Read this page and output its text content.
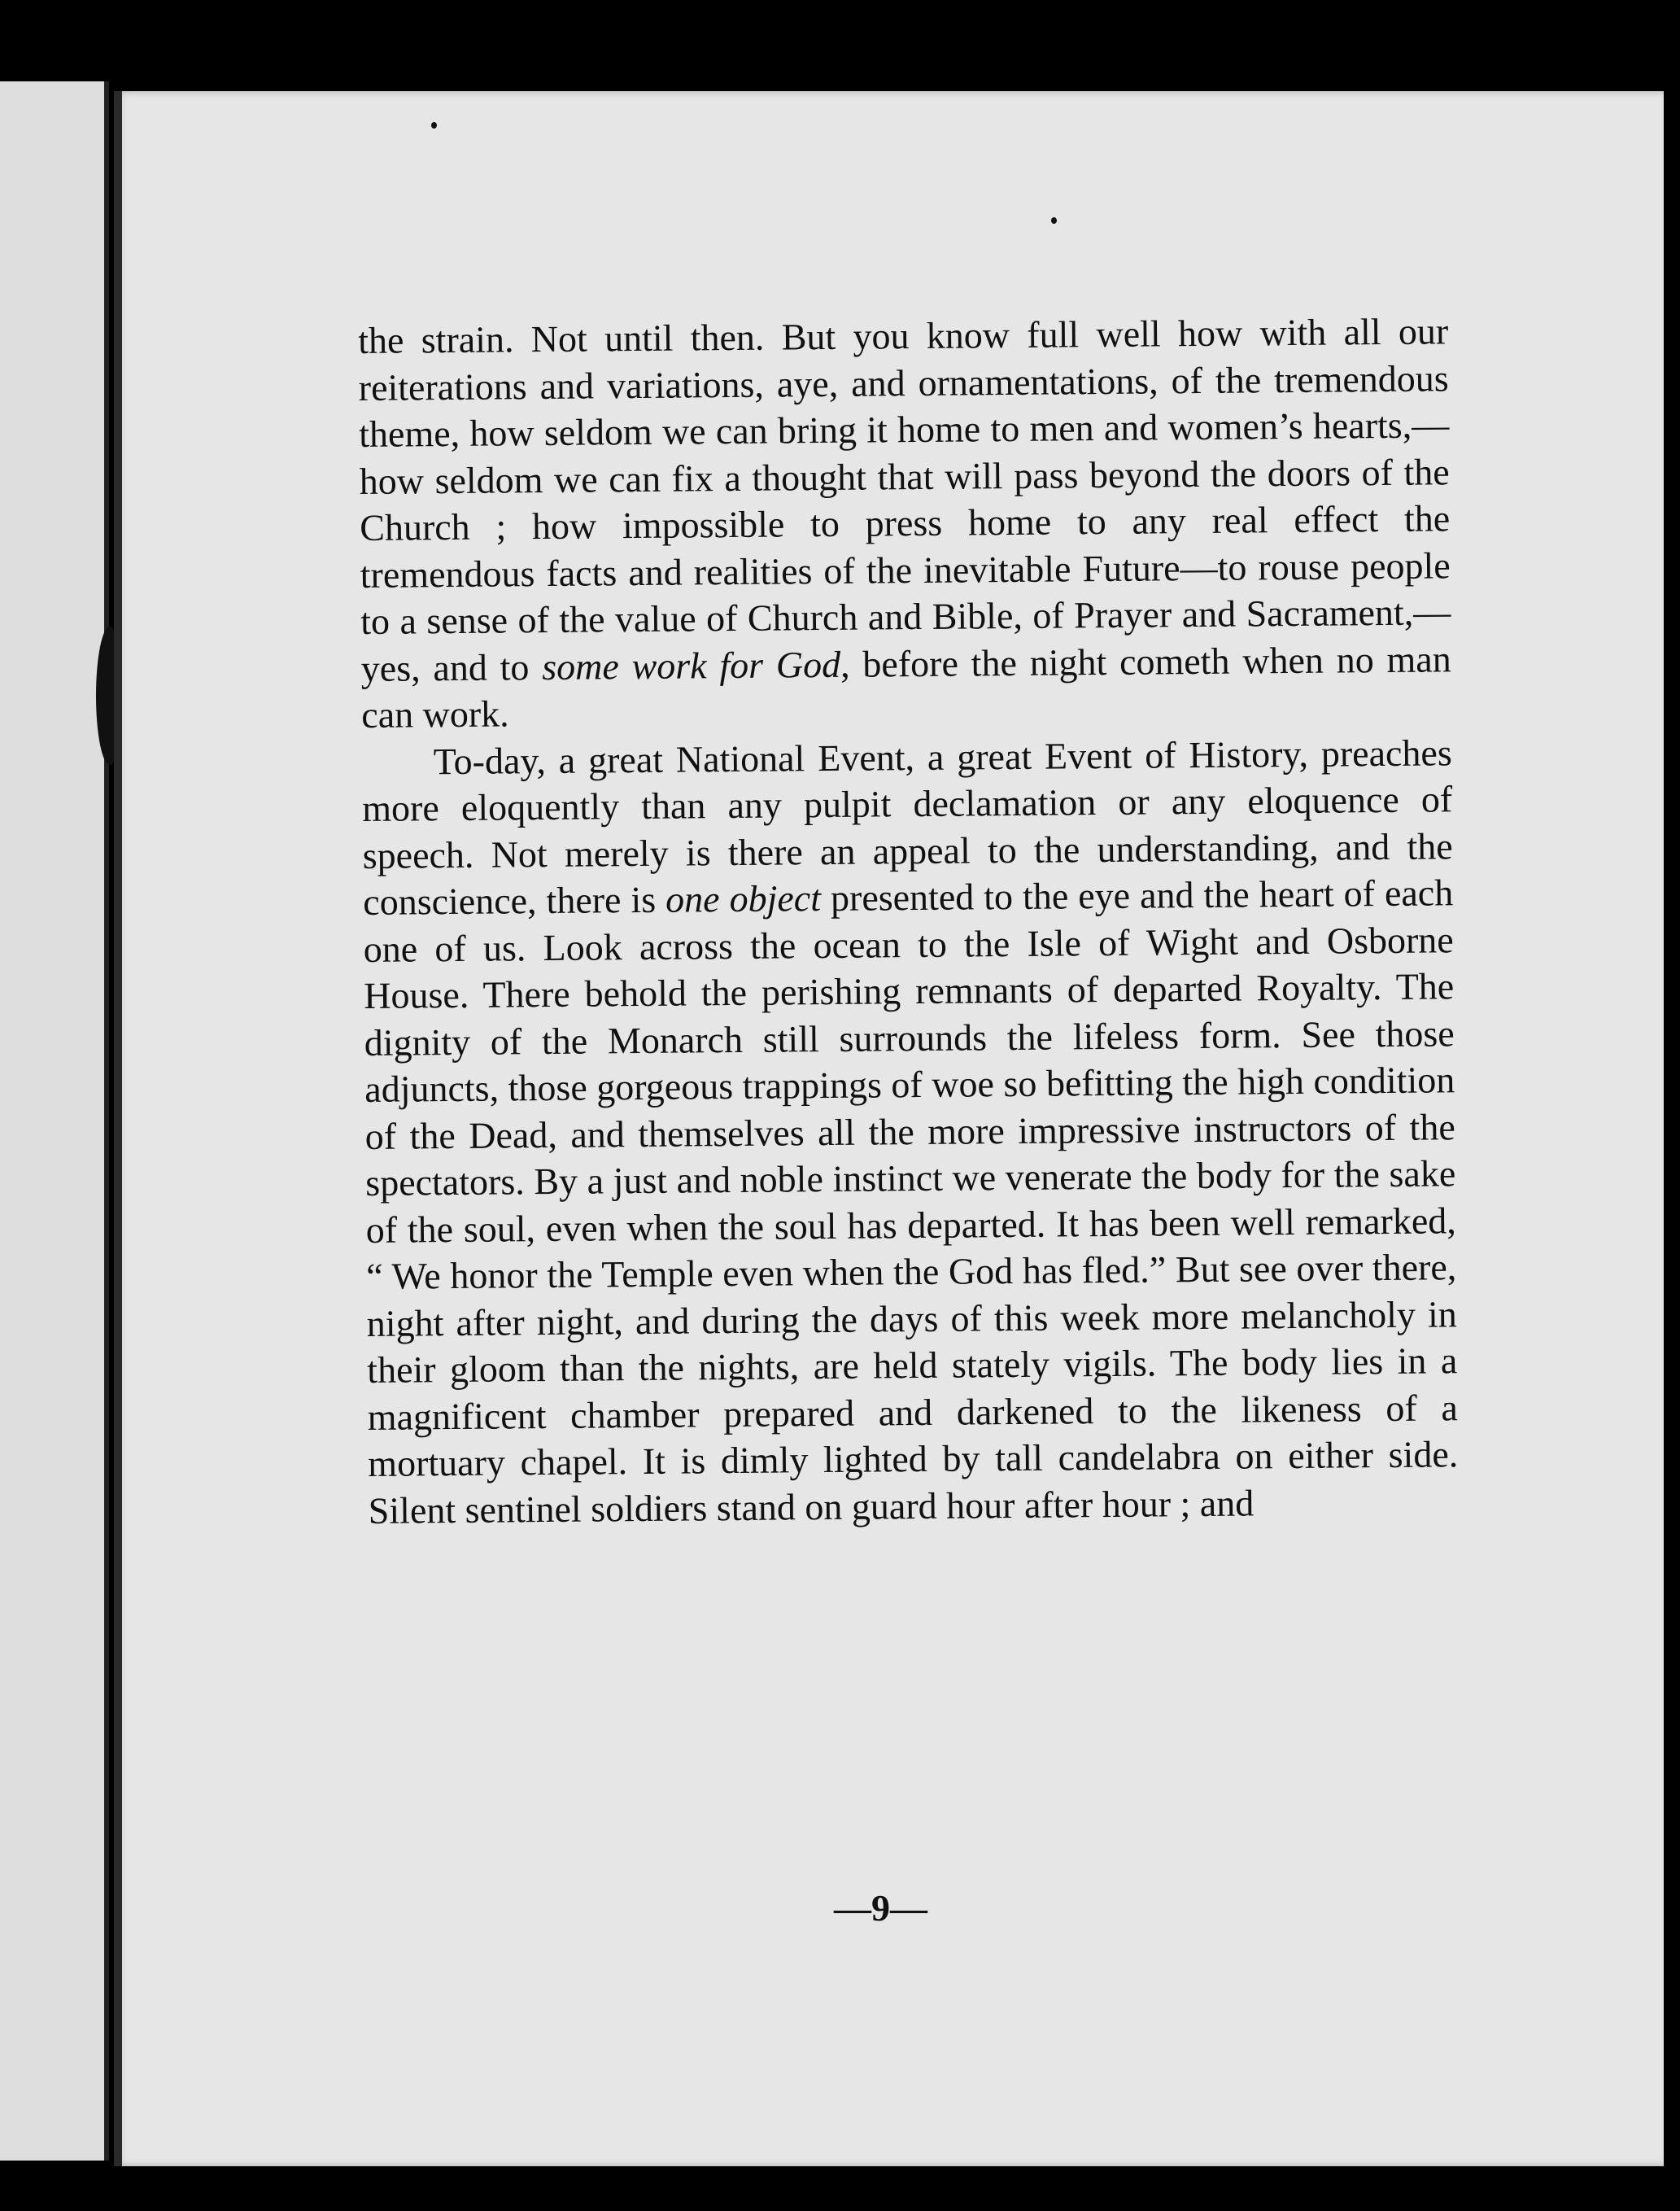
the strain. Not until then. But you know full well how with all our reiterations and variations, aye, and ornamentations, of the tremendous theme, how seldom we can bring it home to men and women’s hearts,—how seldom we can fix a thought that will pass beyond the doors of the Church ; how impossible to press home to any real effect the tremendous facts and realities of the inevitable Future—to rouse people to a sense of the value of Church and Bible, of Prayer and Sacrament,—yes, and to some work for God, before the night cometh when no man can work.

To-day, a great National Event, a great Event of History, preaches more eloquently than any pulpit declamation or any eloquence of speech. Not merely is there an appeal to the understanding, and the conscience, there is one object presented to the eye and the heart of each one of us. Look across the ocean to the Isle of Wight and Osborne House. There behold the perishing remnants of departed Royalty. The dignity of the Monarch still surrounds the lifeless form. See those adjuncts, those gorgeous trappings of woe so befitting the high condition of the Dead, and themselves all the more impressive instructors of the spectators. By a just and noble instinct we venerate the body for the sake of the soul, even when the soul has departed. It has been well remarked, “ We honor the Temple even when the God has fled.” But see over there, night after night, and during the days of this week more melancholy in their gloom than the nights, are held stately vigils. The body lies in a magnificent chamber prepared and darkened to the likeness of a mortuary chapel. It is dimly lighted by tall candelabra on either side. Silent sentinel soldiers stand on guard hour after hour ; and

—9—
